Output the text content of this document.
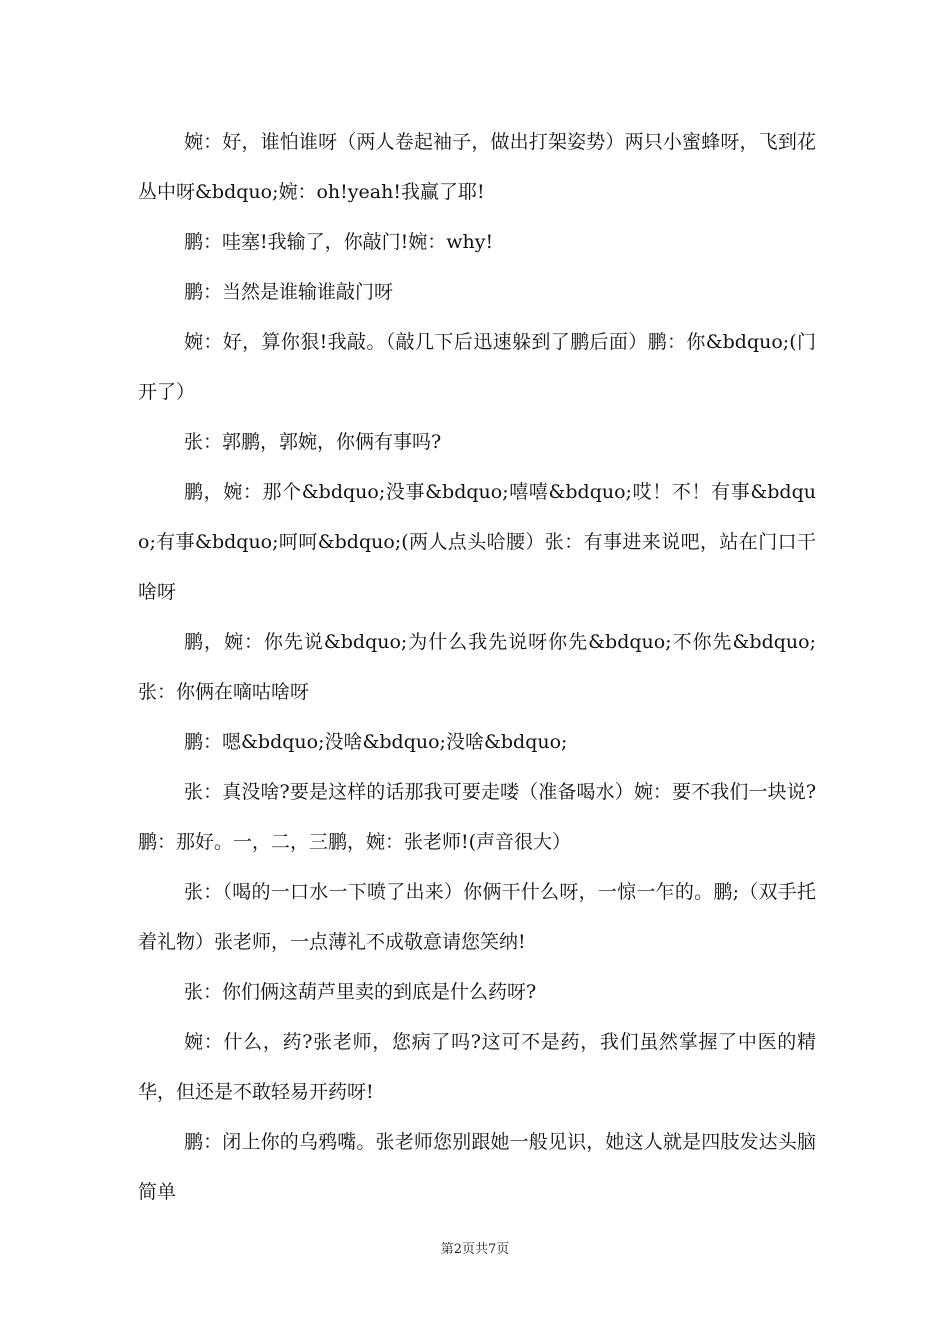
婉：好，谁怕谁呀（两人卷起袖子，做出打架姿势）两只小蜜蜂呀，飞到花丛中呀&bdquo;婉：oh!yeah!我赢了耶!

鹏：哇塞!我输了，你敲门!婉：why!

鹏：当然是谁输谁敲门呀

婉：好，算你狠!我敲。（敲几下后迅速躲到了鹏后面）鹏：你&bdquo;(门开了）

张：郭鹏，郭婉，你俩有事吗?

鹏，婉：那个&bdquo;没事&bdquo;嘻嘻&bdquo;哎！不！有事&bdquo;有事&bdquo;呵呵&bdquo;(两人点头哈腰）张：有事进来说吧，站在门口干啥呀

鹏，婉：你先说&bdquo;为什么我先说呀你先&bdquo;不你先&bdquo;张：你俩在嘀咕啥呀

鹏：嗯&bdquo;没啥&bdquo;没啥&bdquo;

张：真没啥?要是这样的话那我可要走喽（准备喝水）婉：要不我们一块说?鹏：那好。一，二，三鹏，婉：张老师!(声音很大）

张：（喝的一口水一下喷了出来）你俩干什么呀，一惊一乍的。鹏;（双手托着礼物）张老师，一点薄礼不成敬意请您笑纳!

张：你们俩这葫芦里卖的到底是什么药呀?

婉：什么，药?张老师，您病了吗?这可不是药，我们虽然掌握了中医的精华，但还是不敢轻易开药呀!

鹏：闭上你的乌鸦嘴。张老师您别跟她一般见识，她这人就是四肢发达头脑简单

第2页共7页
